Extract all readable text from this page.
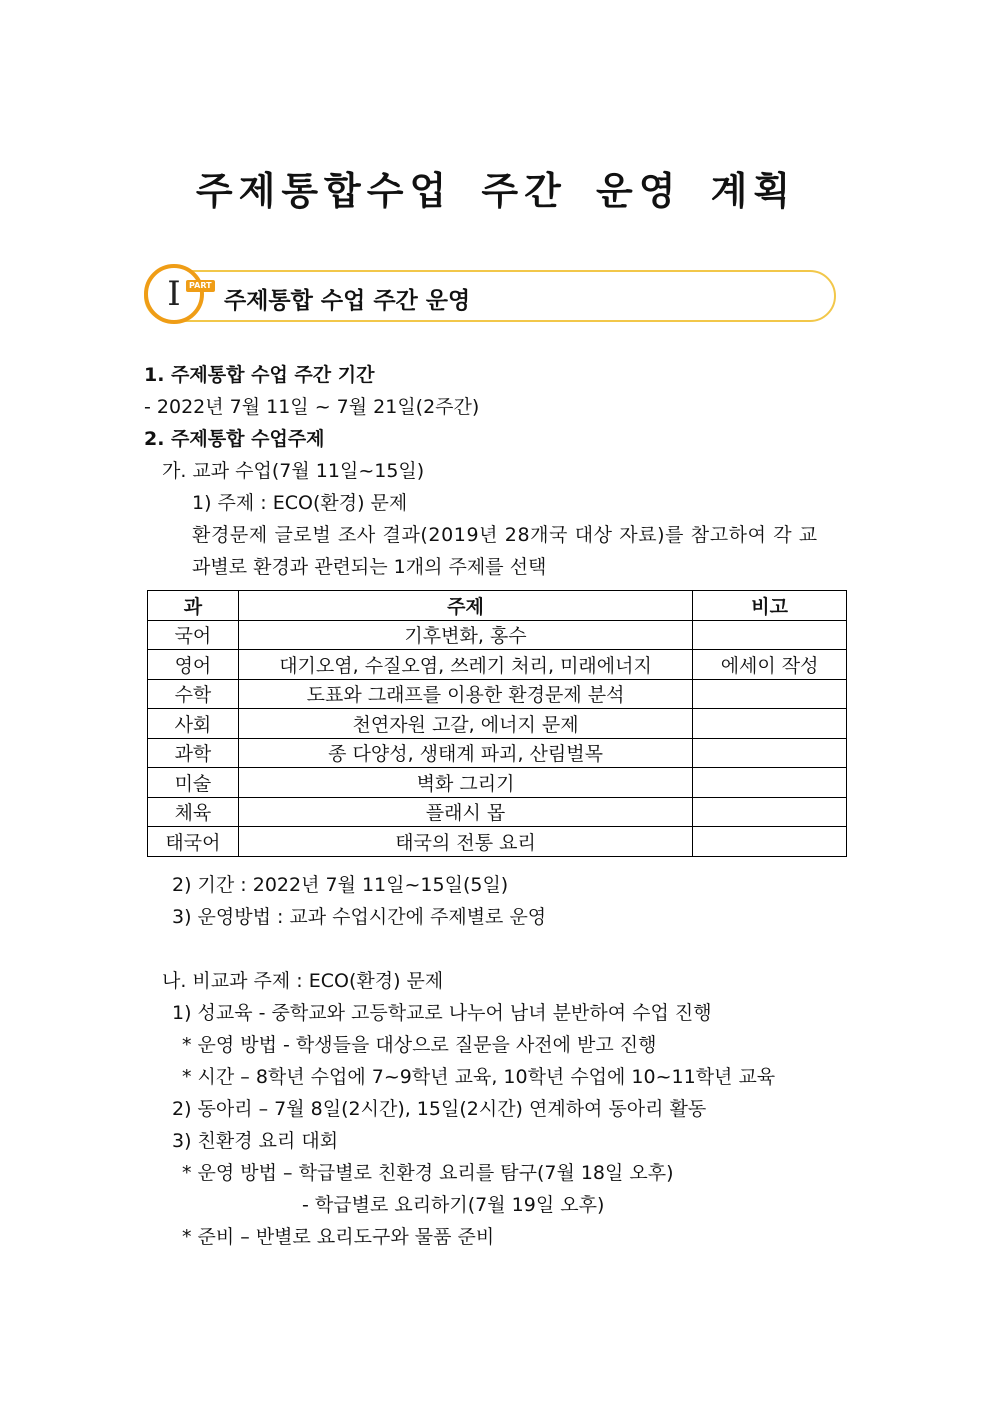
주제통합수업 주간 운영 계획
I	PART
주제통합 수업 주간 운영
1. 주제통합 수업 주간 기간
- 2022년 7월 11일 ~ 7월 21일(2주간)
2. 주제통합 수업주제
가. 교과 수업(7월 11일~15일)
1) 주제 : ECO(환경) 문제
환경문제 글로벌 조사 결과(2019년 28개국 대상 자료)를 참고하여 각 교
과별로 환경과 관련되는 1개의 주제를 선택
과	주제	비고
국어	기후변화, 홍수	
영어	대기오염, 수질오염, 쓰레기 처리, 미래에너지	에세이 작성
수학	도표와 그래프를 이용한 환경문제 분석	
사회	천연자원 고갈, 에너지 문제	
과학	종 다양성, 생태계 파괴, 산림벌목	
미술	벽화 그리기	
체육	플래시 몹	
태국어	태국의 전통 요리	
2) 기간 : 2022년 7월 11일~15일(5일)
3) 운영방법 : 교과 수업시간에 주제별로 운영
나. 비교과 주제 : ECO(환경) 문제
1) 성교육 - 중학교와 고등학교로 나누어 남녀 분반하여 수업 진행
* 운영 방법 - 학생들을 대상으로 질문을 사전에 받고 진행
* 시간 – 8학년 수업에 7~9학년 교육, 10학년 수업에 10~11학년 교육
2) 동아리 – 7월 8일(2시간), 15일(2시간) 연계하여 동아리 활동
3) 친환경 요리 대회
* 운영 방법 – 학급별로 친환경 요리를 탐구(7월 18일 오후)
- 학급별로 요리하기(7월 19일 오후)
* 준비 – 반별로 요리도구와 물품 준비
